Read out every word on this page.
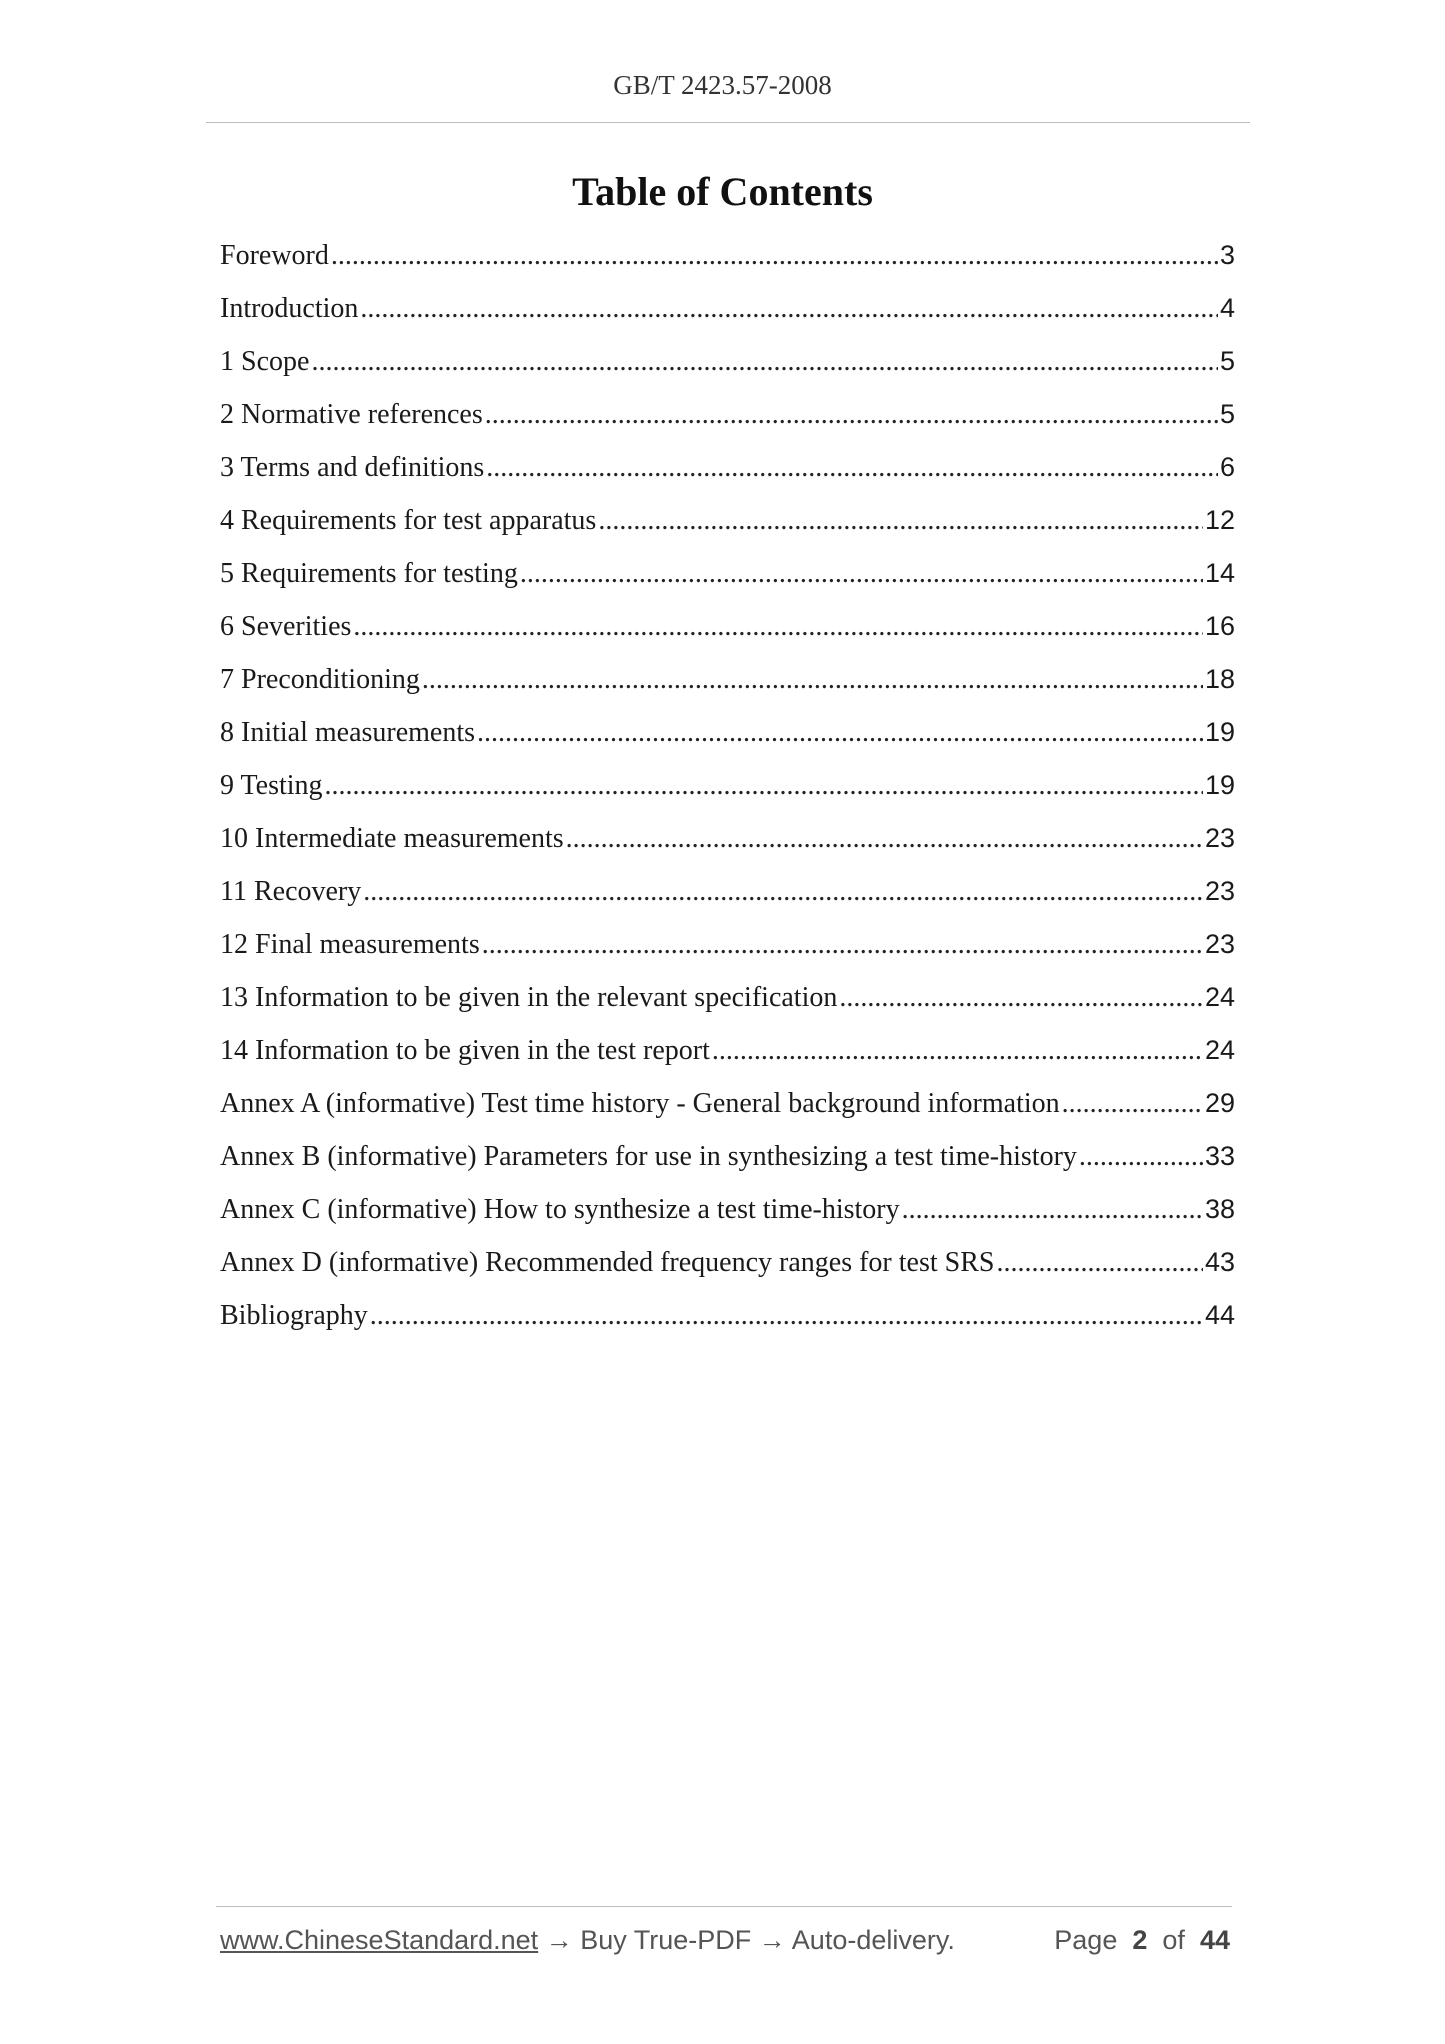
GB/T 2423.57-2008
Table of Contents
Foreword .....	3
Introduction .....	4
1 Scope .....	5
2 Normative references .....	5
3 Terms and definitions .....	6
4 Requirements for test apparatus .....	12
5 Requirements for testing .....	14
6 Severities .....	16
7 Preconditioning .....	18
8 Initial measurements .....	19
9 Testing .....	19
10 Intermediate measurements .....	23
11 Recovery .....	23
12 Final measurements .....	23
13 Information to be given in the relevant specification .....	24
14 Information to be given in the test report .....	24
Annex A (informative) Test time history - General background information .....	29
Annex B (informative) Parameters for use in synthesizing a test time-history .....	33
Annex C (informative) How to synthesize a test time-history .....	38
Annex D (informative) Recommended frequency ranges for test SRS .....	43
Bibliography .....	44
www.ChineseStandard.net → Buy True-PDF → Auto-delivery.	Page 2 of 44
